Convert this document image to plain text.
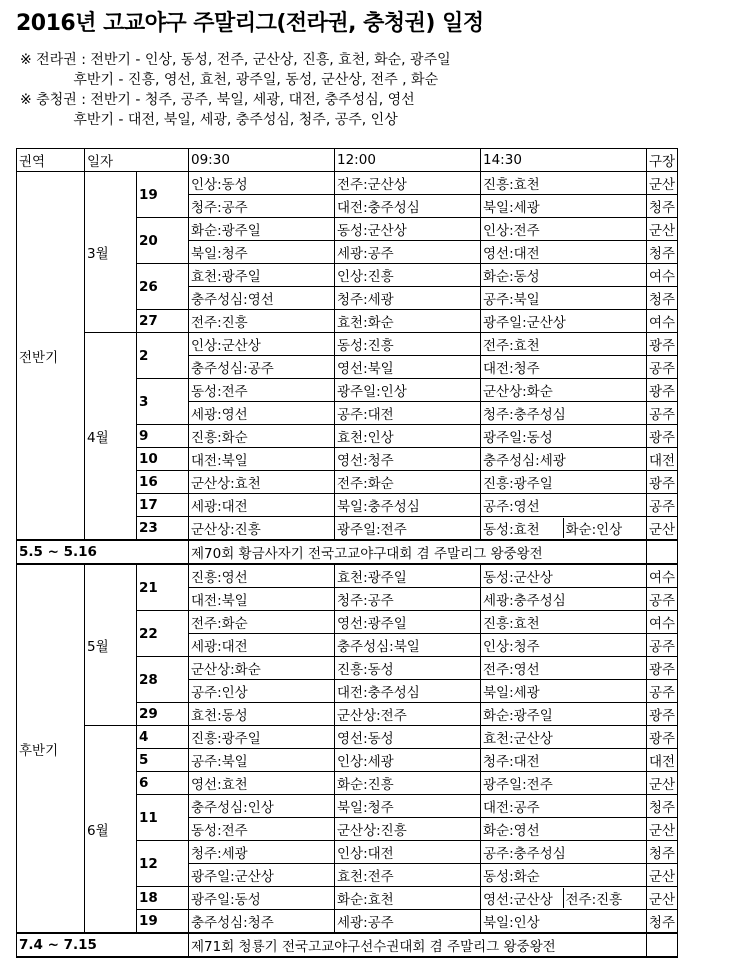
2016년 고교야구 주말리그(전라권, 충청권) 일정
※ 전라권 : 전반기 - 인상, 동성, 전주, 군산상, 진흥, 효천, 화순, 광주일
후반기 - 진흥, 영선, 효천, 광주일, 동성, 군산상, 전주 , 화순
※ 충청권 : 전반기 - 청주, 공주, 북일, 세광, 대전, 충주성심, 영선
후반기 - 대전, 북일, 세광, 충주성심, 청주, 공주, 인상
권역	일자		09:30	12:00	14:30	구장
전반기	3월	19	인상:동성	전주:군산상	진흥:효천	군산
			청주:공주	대전:충주성심	북일:세광	청주
		20	화순:광주일	동성:군산상	인상:전주	군산
			북일:청주	세광:공주	영선:대전	청주
		26	효천:광주일	인상:진흥	화순:동성	여수
			충주성심:영선	청주:세광	공주:북일	청주
		27	전주:진흥	효천:화순	광주일:군산상	여수
	4월	2	인상:군산상	동성:진흥	전주:효천	광주
			충주성심:공주	영선:북일	대전:청주	공주
		3	동성:전주	광주일:인상	군산상:화순	광주
			세광:영선	공주:대전	청주:충주성심	공주
		9	진흥:화순	효천:인상	광주일:동성	광주
		10	대전:북일	영선:청주	충주성심:세광	대전
		16	군산상:효천	전주:화순	진흥:광주일	광주
		17	세광:대전	북일:충주성심	공주:영선	공주
		23	군산상:진흥	광주일:전주	동성:효천 화순:인상	군산
5.5 ~ 5.16			제70회 황금사자기 전국고교야구대회 겸 주말리그 왕중왕전			
후반기	5월	21	진흥:영선	효천:광주일	동성:군산상	여수
			대전:북일	청주:공주	세광:충주성심	공주
		22	전주:화순	영선:광주일	진흥:효천	여수
			세광:대전	충주성심:북일	인상:청주	공주
		28	군산상:화순	진흥:동성	전주:영선	광주
			공주:인상	대전:충주성심	북일:세광	공주
		29	효천:동성	군산상:전주	화순:광주일	광주
	6월	4	진흥:광주일	영선:동성	효천:군산상	광주
		5	공주:북일	인상:세광	청주:대전	대전
		6	영선:효천	화순:진흥	광주일:전주	군산
		11	충주성심:인상	북일:청주	대전:공주	청주
			동성:전주	군산상:진흥	화순:영선	군산
		12	청주:세광	인상:대전	공주:충주성심	청주
			광주일:군산상	효천:전주	동성:화순	군산
		18	광주일:동성	화순:효천	영선:군산상 전주:진흥	군산
		19	충주성심:청주	세광:공주	북일:인상	청주
7.4 ~ 7.15			제71회 청룡기 전국고교야구선수권대회 겸 주말리그 왕중왕전			
